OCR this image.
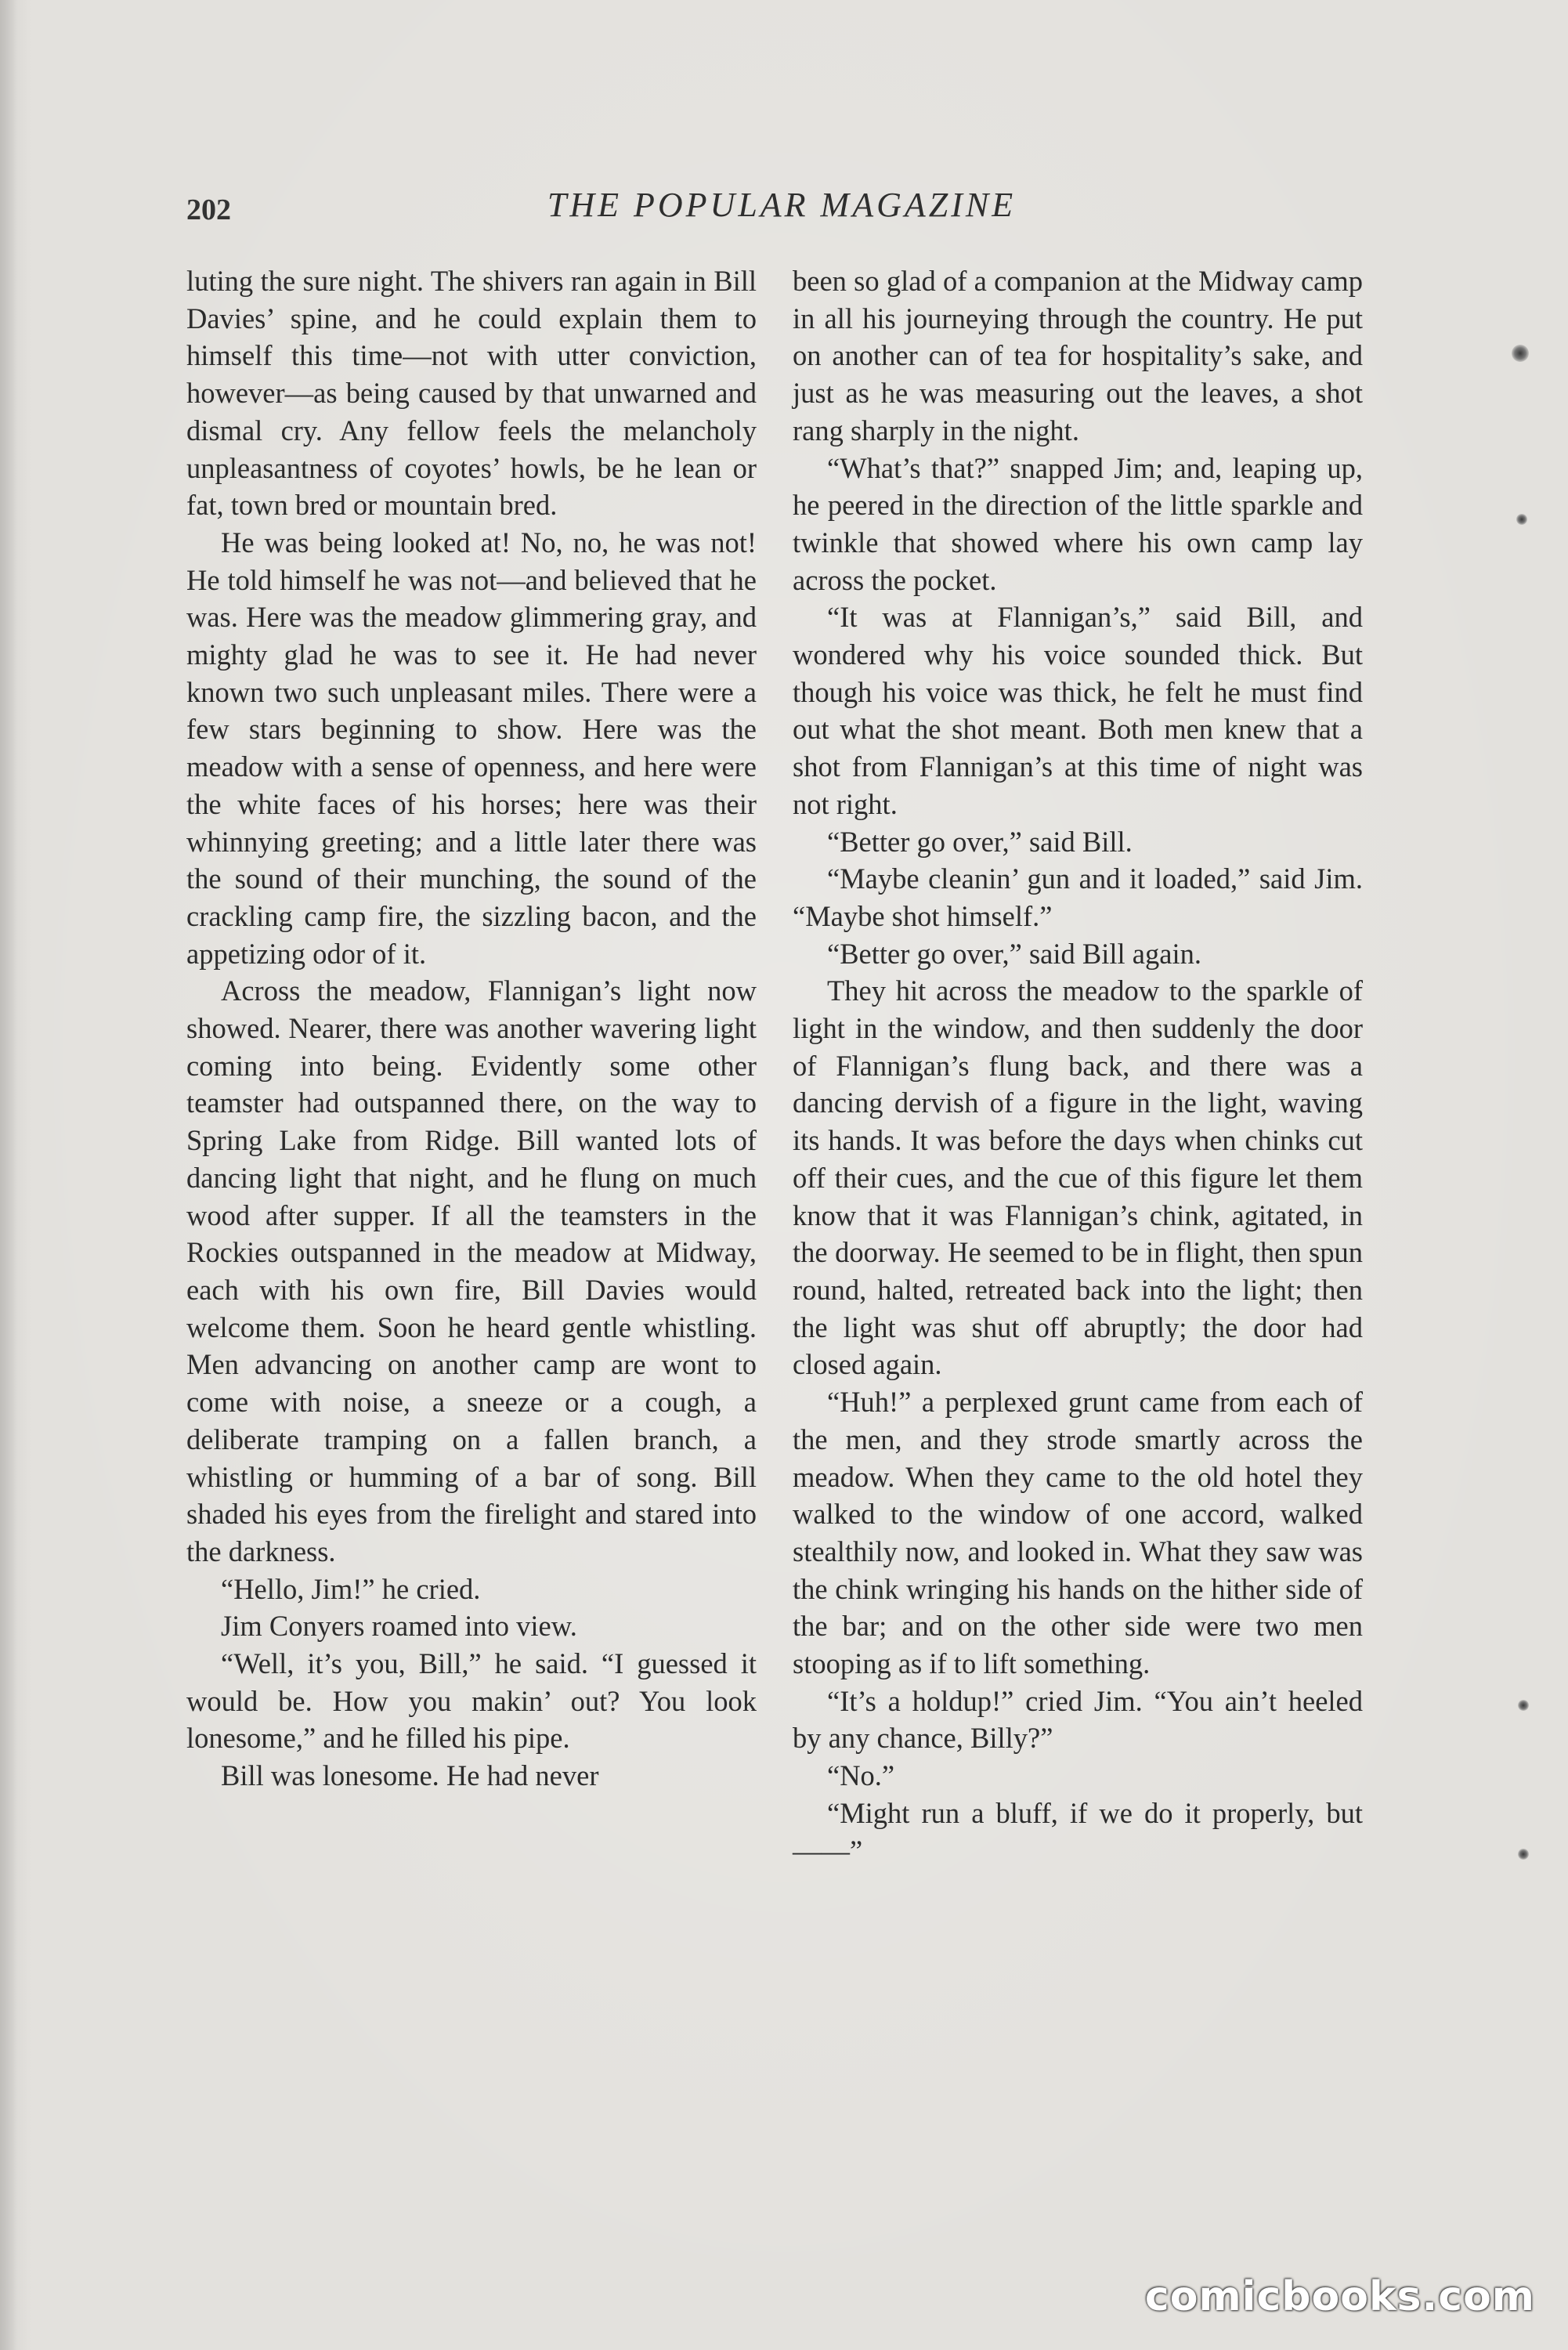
202	THE POPULAR MAGAZINE

luting the sure night. The shivers ran again in Bill Davies’ spine, and he could explain them to himself this time—not with utter conviction, however—as being caused by that unwarned and dismal cry. Any fellow feels the melancholy unpleasantness of coyotes’ howls, be he lean or fat, town bred or mountain bred.

He was being looked at! No, no, he was not! He told himself he was not—and believed that he was. Here was the meadow glimmering gray, and mighty glad he was to see it. He had never known two such unpleasant miles. There were a few stars beginning to show. Here was the meadow with a sense of openness, and here were the white faces of his horses; here was their whinnying greeting; and a little later there was the sound of their munching, the sound of the crackling camp fire, the sizzling bacon, and the appetizing odor of it.

Across the meadow, Flannigan’s light now showed. Nearer, there was another wavering light coming into being. Evidently some other teamster had outspanned there, on the way to Spring Lake from Ridge. Bill wanted lots of dancing light that night, and he flung on much wood after supper. If all the teamsters in the Rockies outspanned in the meadow at Midway, each with his own fire, Bill Davies would welcome them. Soon he heard gentle whistling. Men advancing on another camp are wont to come with noise, a sneeze or a cough, a deliberate tramping on a fallen branch, a whistling or humming of a bar of song. Bill shaded his eyes from the firelight and stared into the darkness.

“Hello, Jim!” he cried.

Jim Conyers roamed into view.

“Well, it’s you, Bill,” he said. “I guessed it would be. How you makin’ out? You look lonesome,” and he filled his pipe.

Bill was lonesome. He had never

been so glad of a companion at the Midway camp in all his journeying through the country. He put on another can of tea for hospitality’s sake, and just as he was measuring out the leaves, a shot rang sharply in the night.

“What’s that?” snapped Jim; and, leaping up, he peered in the direction of the little sparkle and twinkle that showed where his own camp lay across the pocket.

“It was at Flannigan’s,” said Bill, and wondered why his voice sounded thick. But though his voice was thick, he felt he must find out what the shot meant. Both men knew that a shot from Flannigan’s at this time of night was not right.

“Better go over,” said Bill.

“Maybe cleanin’ gun and it loaded,” said Jim. “Maybe shot himself.”

“Better go over,” said Bill again.

They hit across the meadow to the sparkle of light in the window, and then suddenly the door of Flannigan’s flung back, and there was a dancing dervish of a figure in the light, waving its hands. It was before the days when chinks cut off their cues, and the cue of this figure let them know that it was Flannigan’s chink, agitated, in the doorway. He seemed to be in flight, then spun round, halted, retreated back into the light; then the light was shut off abruptly; the door had closed again.

“Huh!” a perplexed grunt came from each of the men, and they strode smartly across the meadow. When they came to the old hotel they walked to the window of one accord, walked stealthily now, and looked in. What they saw was the chink wringing his hands on the hither side of the bar; and on the other side were two men stooping as if to lift something.

“It’s a holdup!” cried Jim. “You ain’t heeled by any chance, Billy?”

“No.”

“Might run a bluff, if we do it properly, but——”

comicbooks.com
